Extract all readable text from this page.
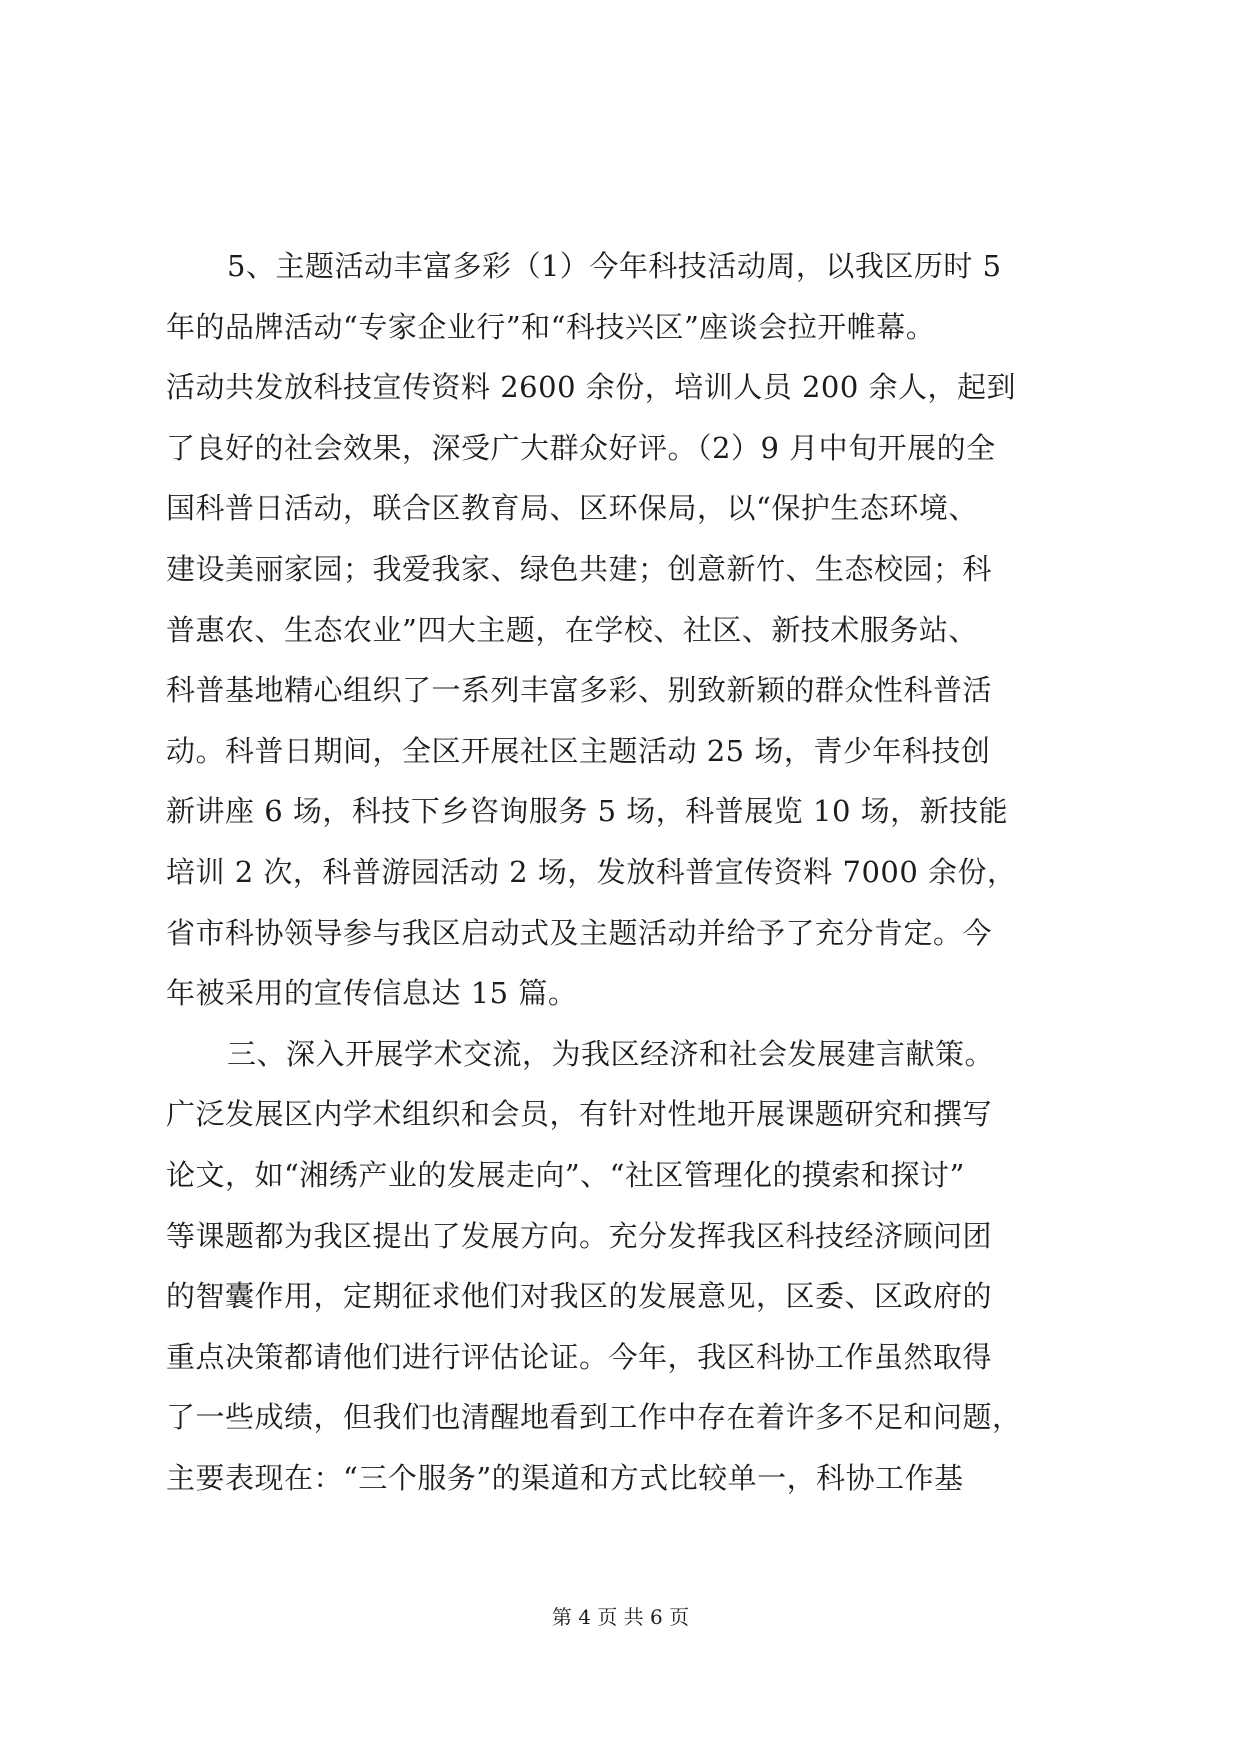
5、主题活动丰富多彩（1）今年科技活动周，以我区历时 5
年的品牌活动“专家企业行”和“科技兴区”座谈会拉开帷幕。
活动共发放科技宣传资料 2600 余份，培训人员 200 余人，起到
了良好的社会效果，深受广大群众好评。（2）9 月中旬开展的全
国科普日活动，联合区教育局、区环保局，以“保护生态环境、
建设美丽家园；我爱我家、绿色共建；创意新竹、生态校园；科
普惠农、生态农业”四大主题，在学校、社区、新技术服务站、
科普基地精心组织了一系列丰富多彩、别致新颖的群众性科普活
动。科普日期间，全区开展社区主题活动 25 场，青少年科技创
新讲座 6 场，科技下乡咨询服务 5 场，科普展览 10 场，新技能
培训 2 次，科普游园活动 2 场，发放科普宣传资料 7000 余份，
省市科协领导参与我区启动式及主题活动并给予了充分肯定。今
年被采用的宣传信息达 15 篇。
三、深入开展学术交流，为我区经济和社会发展建言献策。
广泛发展区内学术组织和会员，有针对性地开展课题研究和撰写
论文，如“湘绣产业的发展走向”、“社区管理化的摸索和探讨”
等课题都为我区提出了发展方向。充分发挥我区科技经济顾问团
的智囊作用，定期征求他们对我区的发展意见，区委、区政府的
重点决策都请他们进行评估论证。今年，我区科协工作虽然取得
了一些成绩，但我们也清醒地看到工作中存在着许多不足和问题，
主要表现在：“三个服务”的渠道和方式比较单一，科协工作基
第 4 页 共 6 页
